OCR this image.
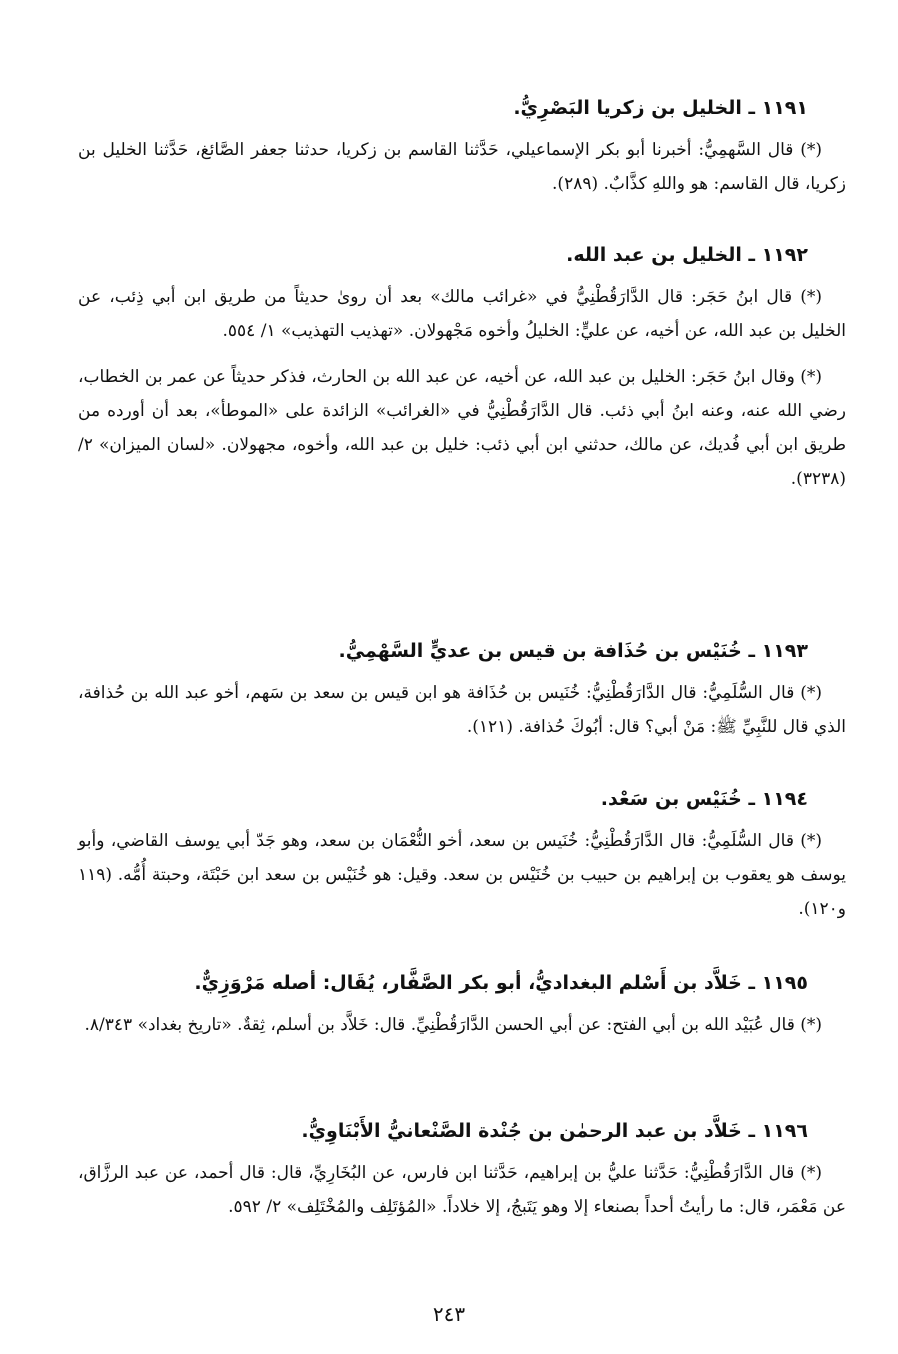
١١٩١ ـ الخليل بن زكريا البَصْرِيُّ.

(*) قال السَّهمِيُّ: أخبرنا أبو بكر الإسماعيلي، حَدَّثنا القاسم بن زكريا، حدثنا جعفر الصَّائغ، حَدَّثنا الخليل بن زكريا، قال القاسم: هو واللهِ كذَّابٌ. (٢٨٩).

١١٩٢ ـ الخليل بن عبد الله.

(*) قال ابنُ حَجَر: قال الدَّارَقُطْنِيُّ في «غرائب مالك» بعد أن روىٰ حديثاً من طريق ابن أبي ذِئب، عن الخليل بن عبد الله، عن أخيه، عن عليٍّ: الخليلُ وأخوه مَجْهولان. «تهذيب التهذيب» ١/ ٥٥٤.

(*) وقال ابنُ حَجَر: الخليل بن عبد الله، عن أخيه، عن عبد الله بن الحارث، فذكر حديثاً عن عمر بن الخطاب، رضي الله عنه، وعنه ابنُ أبي ذئب. قال الدَّارَقُطْنِيُّ في «الغرائب» الزائدة على «الموطأ»، بعد أن أورده من طريق ابن أبي فُديك، عن مالك، حدثني ابن أبي ذئب: خليل بن عبد الله، وأخوه، مجهولان. «لسان الميزان» ٢/ (٣٢٣٨).

١١٩٣ ـ خُنَيْس بن حُذَافة بن قيس بن عديٍّ السَّهْمِيُّ.

(*) قال السُّلَمِيُّ: قال الدَّارَقُطْنِيُّ: خُنَيس بن حُذَافة هو ابن قيس بن سعد بن سَهم، أخو عبد الله بن حُذافة، الذي قال للنَّبِيِّ ﷺ: مَنْ أبي؟ قال: أبُوكَ حُذافة. (١٢١).

١١٩٤ ـ خُنَيْس بن سَعْد.

(*) قال السُّلَمِيُّ: قال الدَّارَقُطْنِيُّ: خُنَيس بن سعد، أخو النُّعْمَان بن سعد، وهو جَدّ أبي يوسف القاضي، وأبو يوسف هو يعقوب بن إبراهيم بن حبيب بن خُنَيْس بن سعد. وقيل: هو خُنَيْس بن سعد ابن حَبْتَة، وحبتة أُمُّه. (١١٩ و١٢٠).

١١٩٥ ـ خَلاَّد بن أَسْلم البغداديُّ، أبو بكر الصَّفَّار، يُقَال: أصله مَرْوَزِيٌّ.

(*) قال عُبَيْد الله بن أبي الفتح: عن أبي الحسن الدَّارَقُطْنِيِّ. قال: خَلاَّد بن أسلم، ثِقةٌ. «تاريخ بغداد» ٨/٣٤٣.

١١٩٦ ـ خَلاَّد بن عبد الرحمٰن بن جُنْدة الصَّنْعانيُّ الأَبْنَاوِيُّ.

(*) قال الدَّارَقُطْنِيُّ: حَدَّثنا عليُّ بن إبراهيم، حَدَّثنا ابن فارس، عن البُخَارِيِّ، قال: قال أحمد، عن عبد الرزَّاق، عن مَعْمَر، قال: ما رأيتُ أحداً بصنعاء إلا وهو يَتَبجُ، إلا خلاداً. «المُؤتَلِف والمُخْتَلِف» ٢/ ٥٩٢.

٢٤٣
